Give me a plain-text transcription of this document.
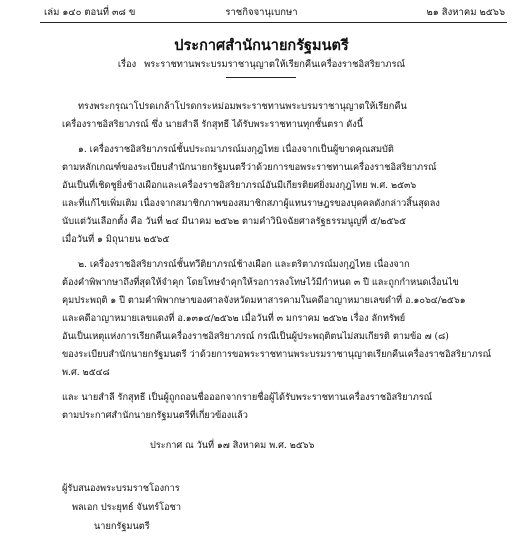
เล่ม ๑๔๐ ตอนที่ ๓๘ ข	ราชกิจจานุเบกษา	๒๑ สิงหาคม ๒๕๖๖
ประกาศสำนักนายกรัฐมนตรี
เรื่อง พระราชทานพระบรมราชานุญาตให้เรียกคืนเครื่องราชอิสริยาภรณ์
ทรงพระกรุณาโปรดเกล้าโปรดกระหม่อมพระราชทานพระบรมราชานุญาตให้เรียกคืน
เครื่องราชอิสริยาภรณ์ ซึ่ง นายสำลี รักสุทธี ได้รับพระราชทานทุกชั้นตรา ดังนี้
๑. เครื่องราชอิสริยาภรณ์ชั้นประถมาภรณ์มงกุฎไทย เนื่องจากเป็นผู้ขาดคุณสมบัติ
ตามหลักเกณฑ์ของระเบียบสำนักนายกรัฐมนตรีว่าด้วยการขอพระราชทานเครื่องราชอิสริยาภรณ์
อันเป็นที่เชิดชูยิ่งช้างเผือกและเครื่องราชอิสริยาภรณ์อันมีเกียรติยศยิ่งมงกุฎไทย พ.ศ. ๒๕๓๖
และที่แก้ไขเพิ่มเติม เนื่องจากสมาชิกภาพของสมาชิกสภาผู้แทนราษฎรของบุคคลดังกล่าวสิ้นสุดลง
นับแต่วันเลือกตั้ง คือ วันที่ ๒๔ มีนาคม ๒๕๖๒ ตามคำวินิจฉัยศาลรัฐธรรมนูญที่ ๕/๒๕๖๕
เมื่อวันที่ ๑ มิถุนายน ๒๕๖๕
๒. เครื่องราชอิสริยาภรณ์ชั้นทวีติยาภรณ์ช้างเผือก และตริตาภรณ์มงกุฎไทย เนื่องจาก
ต้องคำพิพากษาถึงที่สุดให้จำคุก โดยโทษจำคุกให้รอการลงโทษไว้มีกำหนด ๓ ปี และถูกกำหนดเงื่อนไข
คุมประพฤติ ๑ ปี ตามคำพิพากษาของศาลจังหวัดมหาสารคามในคดีอาญาหมายเลขดำที่ อ.๑๐๖๔/๒๕๖๑
และคดีอาญาหมายเลขแดงที่ อ.๑๓๑๔/๒๕๖๒ เมื่อวันที่ ๓ มกราคม ๒๕๖๒ เรื่อง ลักทรัพย์
อันเป็นเหตุแห่งการเรียกคืนเครื่องราชอิสริยาภรณ์ กรณีเป็นผู้ประพฤติตนไม่สมเกียรติ ตามข้อ ๗ (๘)
ของระเบียบสำนักนายกรัฐมนตรี ว่าด้วยการขอพระราชทานพระบรมราชานุญาตเรียกคืนเครื่องราชอิสริยาภรณ์
พ.ศ. ๒๕๔๘
และ นายสำลี รักสุทธี เป็นผู้ถูกถอนชื่อออกจากรายชื่อผู้ได้รับพระราชทานเครื่องราชอิสริยาภรณ์
ตามประกาศสำนักนายกรัฐมนตรีที่เกี่ยวข้องแล้ว
ประกาศ ณ วันที่ ๑๗ สิงหาคม พ.ศ. ๒๕๖๖
ผู้รับสนองพระบรมราชโองการ
พลเอก ประยุทธ์ จันทร์โอชา
นายกรัฐมนตรี
